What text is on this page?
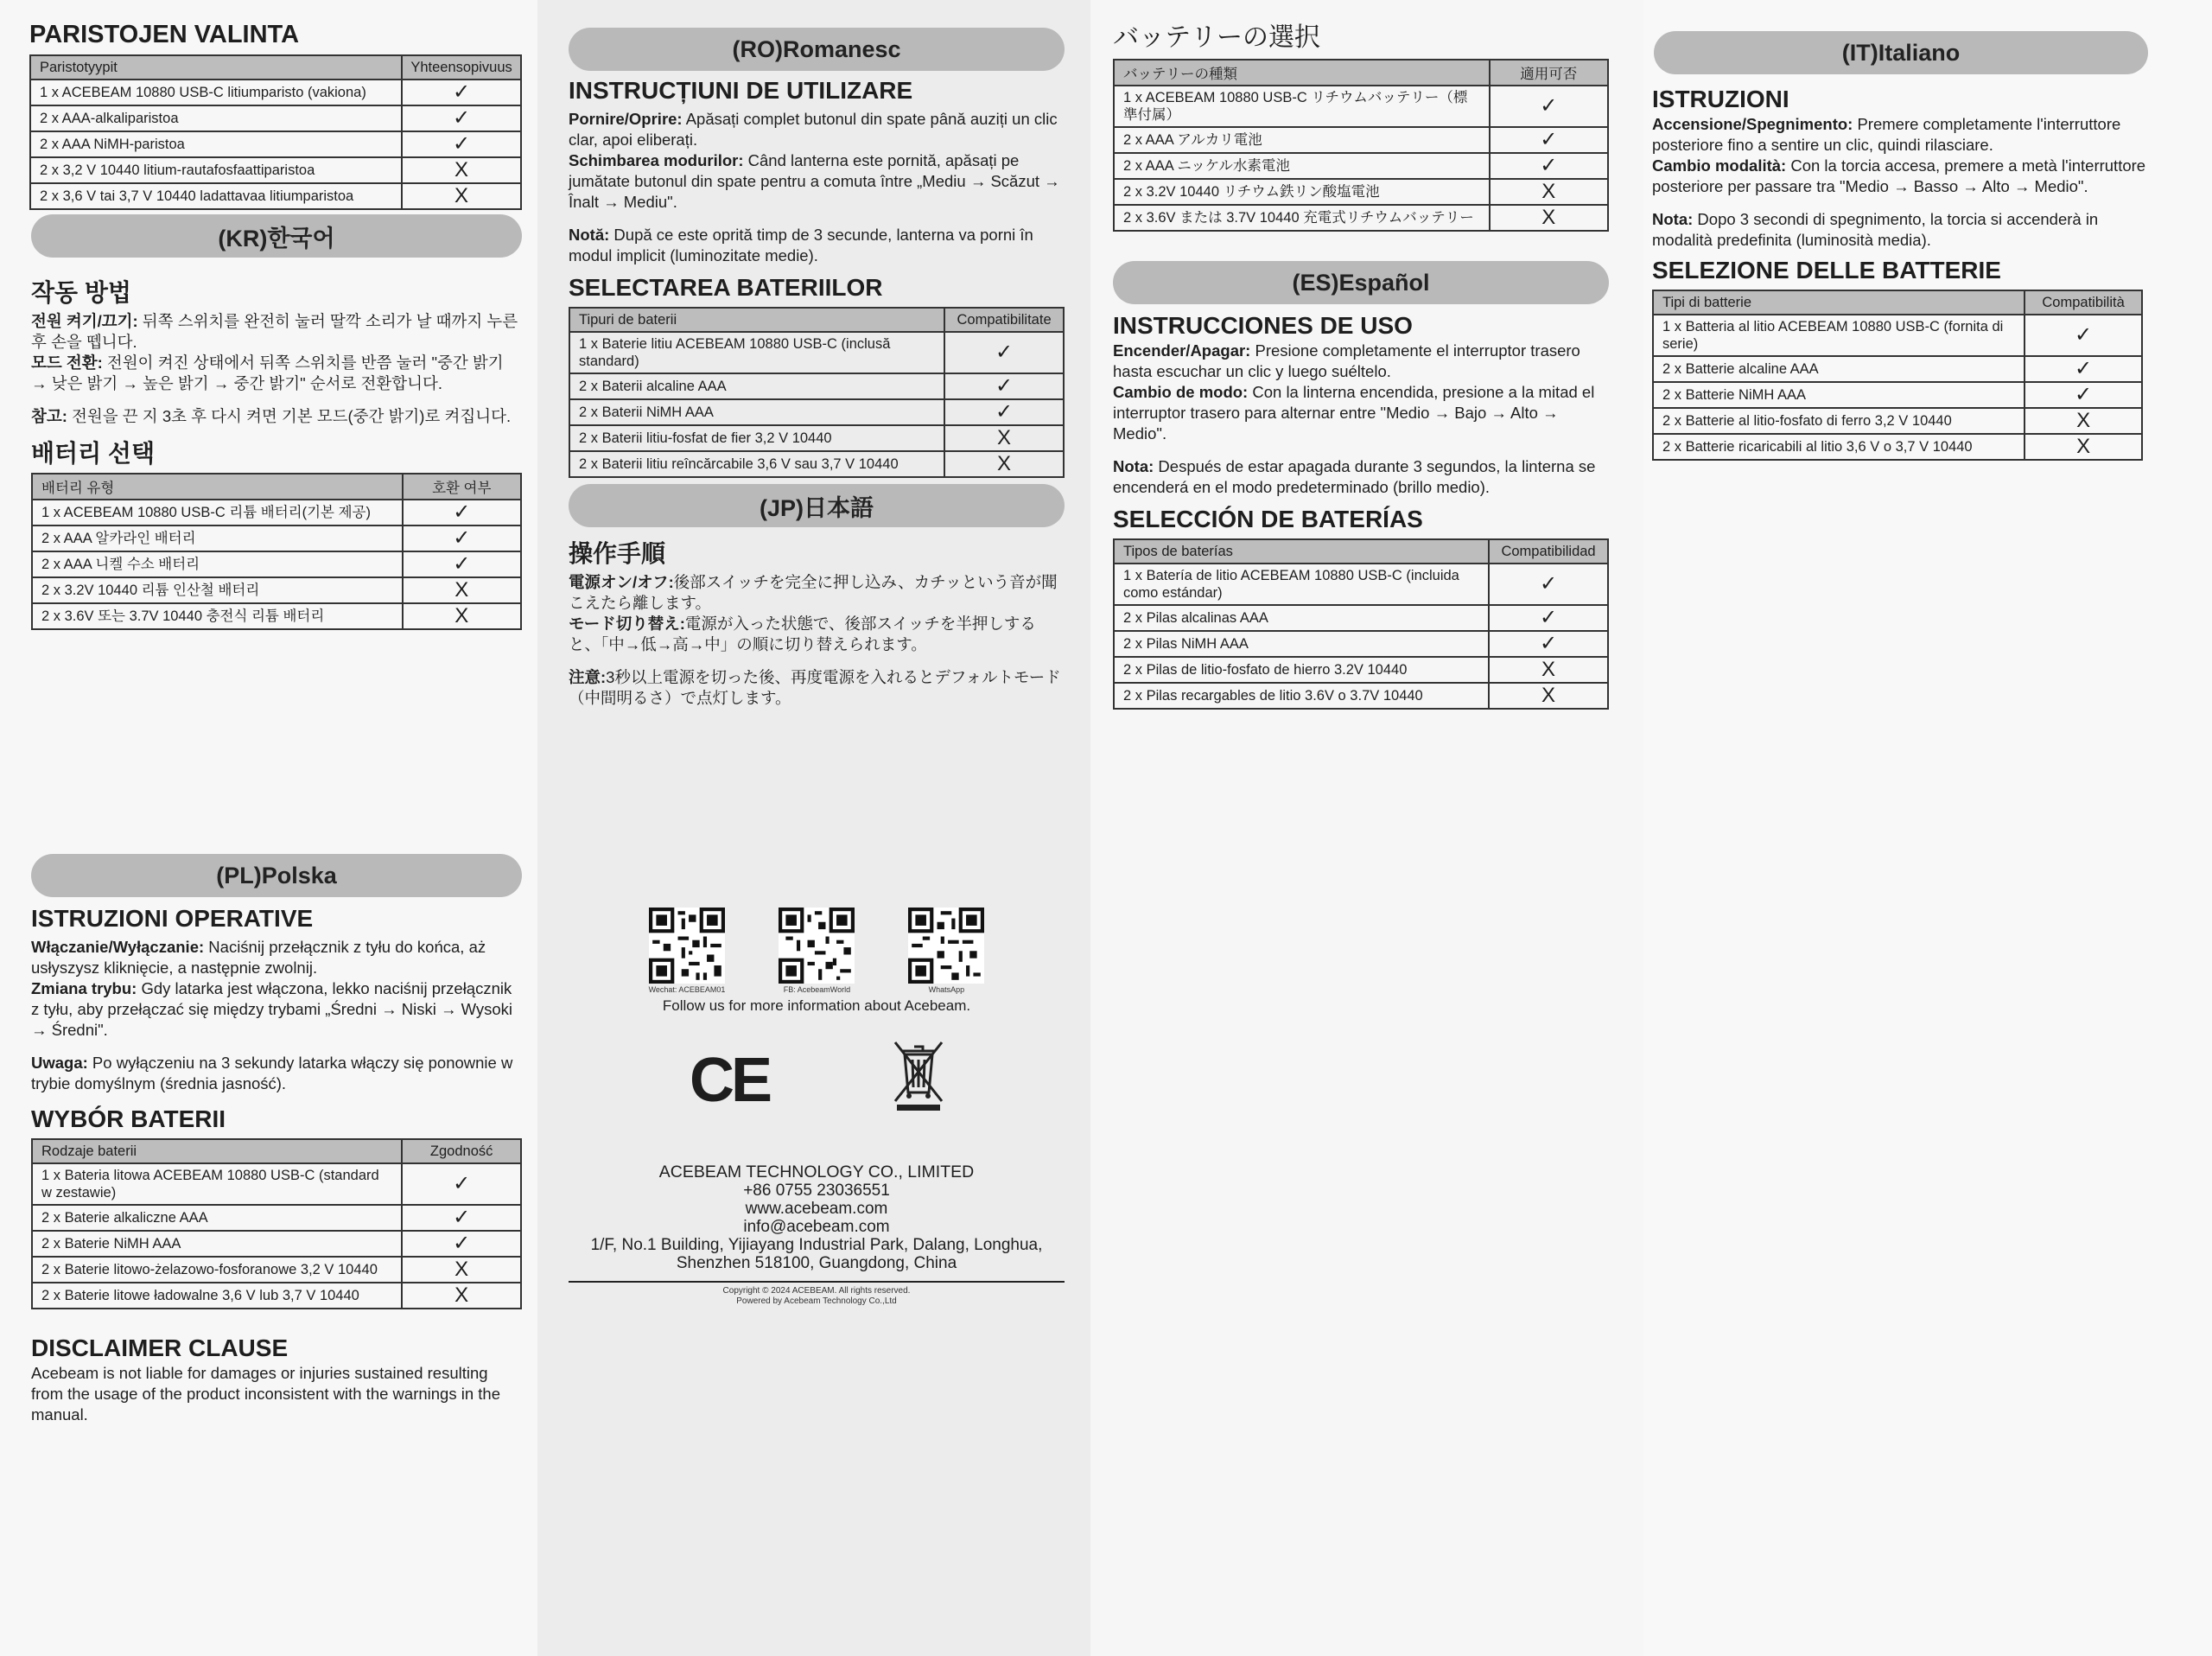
PARISTOJEN VALINTA
Paristotyypit	Yhteensopivuus
1 x ACEBEAM 10880 USB-C litiumparisto (vakiona)	✓
2 x AAA-alkaliparistoa	✓
2 x AAA NiMH-paristoa	✓
2 x 3,2 V 10440 litium-rautafosfaattiparistoa	X
2 x 3,6 V tai 3,7 V 10440 ladattavaa litiumparistoa	X
(KR)한국어
작동 방법

전원 켜기/끄기: 뒤쪽 스위치를 완전히 눌러 딸깍 소리가 날 때까지 누른 후 손을 뗍니다.

모드 전환: 전원이 켜진 상태에서 뒤쪽 스위치를 반쯤 눌러 "중간 밝기 → 낮은 밝기 → 높은 밝기 → 중간 밝기" 순서로 전환합니다.

참고: 전원을 끈 지 3초 후 다시 켜면 기본 모드(중간 밝기)로 켜집니다.

배터리 선택
배터리 유형	호환 여부
1 x ACEBEAM 10880 USB-C 리튬 배터리(기본 제공)	✓
2 x AAA 알카라인 배터리	✓
2 x AAA 니켈 수소 배터리	✓
2 x 3.2V 10440 리튬 인산철 배터리	X
2 x 3.6V 또는 3.7V 10440 충전식 리튬 배터리	X
(PL)Polska
ISTRUZIONI OPERATIVE

Włączanie/Wyłączanie: Naciśnij przełącznik z tyłu do końca, aż usłyszysz kliknięcie, a następnie zwolnij.

Zmiana trybu: Gdy latarka jest włączona, lekko naciśnij przełącznik z tyłu, aby przełączać się między trybami „Średni → Niski → Wysoki → Średni".

Uwaga: Po wyłączeniu na 3 sekundy latarka włączy się ponownie w trybie domyślnym (średnia jasność).

WYBÓR BATERII
Rodzaje baterii	Zgodność
1 x Bateria litowa ACEBEAM 10880 USB-C (standard w zestawie)	✓
2 x Baterie alkaliczne AAA	✓
2 x Baterie NiMH AAA	✓
2 x Baterie litowo-żelazowo-fosforanowe 3,2 V 10440	X
2 x Baterie litowe ładowalne 3,6 V lub 3,7 V 10440	X
DISCLAIMER CLAUSE

Acebeam is not liable for damages or injuries sustained resulting from the usage of the product inconsistent with the warnings in the manual.

(RO)Romanesc
INSTRUCȚIUNI DE UTILIZARE

Pornire/Oprire: Apăsați complet butonul din spate până auziți un clic clar, apoi eliberați.

Schimbarea modurilor: Când lanterna este pornită, apăsați pe jumătate butonul din spate pentru a comuta între „Mediu → Scăzut → Înalt → Mediu".

Notă: După ce este oprită timp de 3 secunde, lanterna va porni în modul implicit (luminozitate medie).

SELECTAREA BATERIILOR
Tipuri de baterii	Compatibilitate
1 x Baterie litiu ACEBEAM 10880 USB-C (inclusă standard)	✓
2 x Baterii alcaline AAA	✓
2 x Baterii NiMH AAA	✓
2 x Baterii litiu-fosfat de fier 3,2 V 10440	X
2 x Baterii litiu reîncărcabile 3,6 V sau 3,7 V 10440	X
(JP)日本語
操作手順

電源オン/オフ:後部スイッチを完全に押し込み、カチッという音が聞こえたら離します。

モード切り替え:電源が入った状態で、後部スイッチを半押しすると、「中→低→高→中」の順に切り替えられます。

注意:3秒以上電源を切った後、再度電源を入れるとデフォルトモード（中間明るさ）で点灯します。

Wechat: ACEBEAM01	FB: AcebeamWorld	WhatsApp
Follow us for more information about Acebeam.
CE
ACEBEAM TECHNOLOGY CO., LIMITED
+86 0755 23036551
www.acebeam.com
info@acebeam.com
1/F, No.1 Building, Yijiayang Industrial Park, Dalang, Longhua,
Shenzhen 518100, Guangdong, China
Copyright © 2024 ACEBEAM. All rights reserved.
Powered by Acebeam Technology Co.,Ltd
バッテリーの選択
バッテリーの種類	適用可否
1 x ACEBEAM 10880 USB-C リチウムバッテリー（標準付属）	✓
2 x AAA アルカリ電池	✓
2 x AAA ニッケル水素電池	✓
2 x 3.2V 10440 リチウム鉄リン酸塩電池	X
2 x 3.6V または 3.7V 10440 充電式リチウムバッテリー	X
(ES)Español
INSTRUCCIONES DE USO

Encender/Apagar: Presione completamente el interruptor trasero hasta escuchar un clic y luego suéltelo.

Cambio de modo: Con la linterna encendida, presione a la mitad el interruptor trasero para alternar entre "Medio → Bajo → Alto → Medio".

Nota: Después de estar apagada durante 3 segundos, la linterna se encenderá en el modo predeterminado (brillo medio).

SELECCIÓN DE BATERÍAS
Tipos de baterías	Compatibilidad
1 x Batería de litio ACEBEAM 10880 USB-C (incluida como estándar)	✓
2 x Pilas alcalinas AAA	✓
2 x Pilas NiMH AAA	✓
2 x Pilas de litio-fosfato de hierro 3.2V 10440	X
2 x Pilas recargables de litio 3.6V o 3.7V 10440	X
(IT)Italiano
ISTRUZIONI

Accensione/Spegnimento: Premere completamente l'interruttore posteriore fino a sentire un clic, quindi rilasciare.

Cambio modalità: Con la torcia accesa, premere a metà l'interruttore posteriore per passare tra "Medio → Basso → Alto → Medio".

Nota: Dopo 3 secondi di spegnimento, la torcia si accenderà in modalità predefinita (luminosità media).

SELEZIONE DELLE BATTERIE
Tipi di batterie	Compatibilità
1 x Batteria al litio ACEBEAM 10880 USB-C (fornita di serie)	✓
2 x Batterie alcaline AAA	✓
2 x Batterie NiMH AAA	✓
2 x Batterie al litio-fosfato di ferro 3,2 V 10440	X
2 x Batterie ricaricabili al litio 3,6 V o 3,7 V 10440	X
